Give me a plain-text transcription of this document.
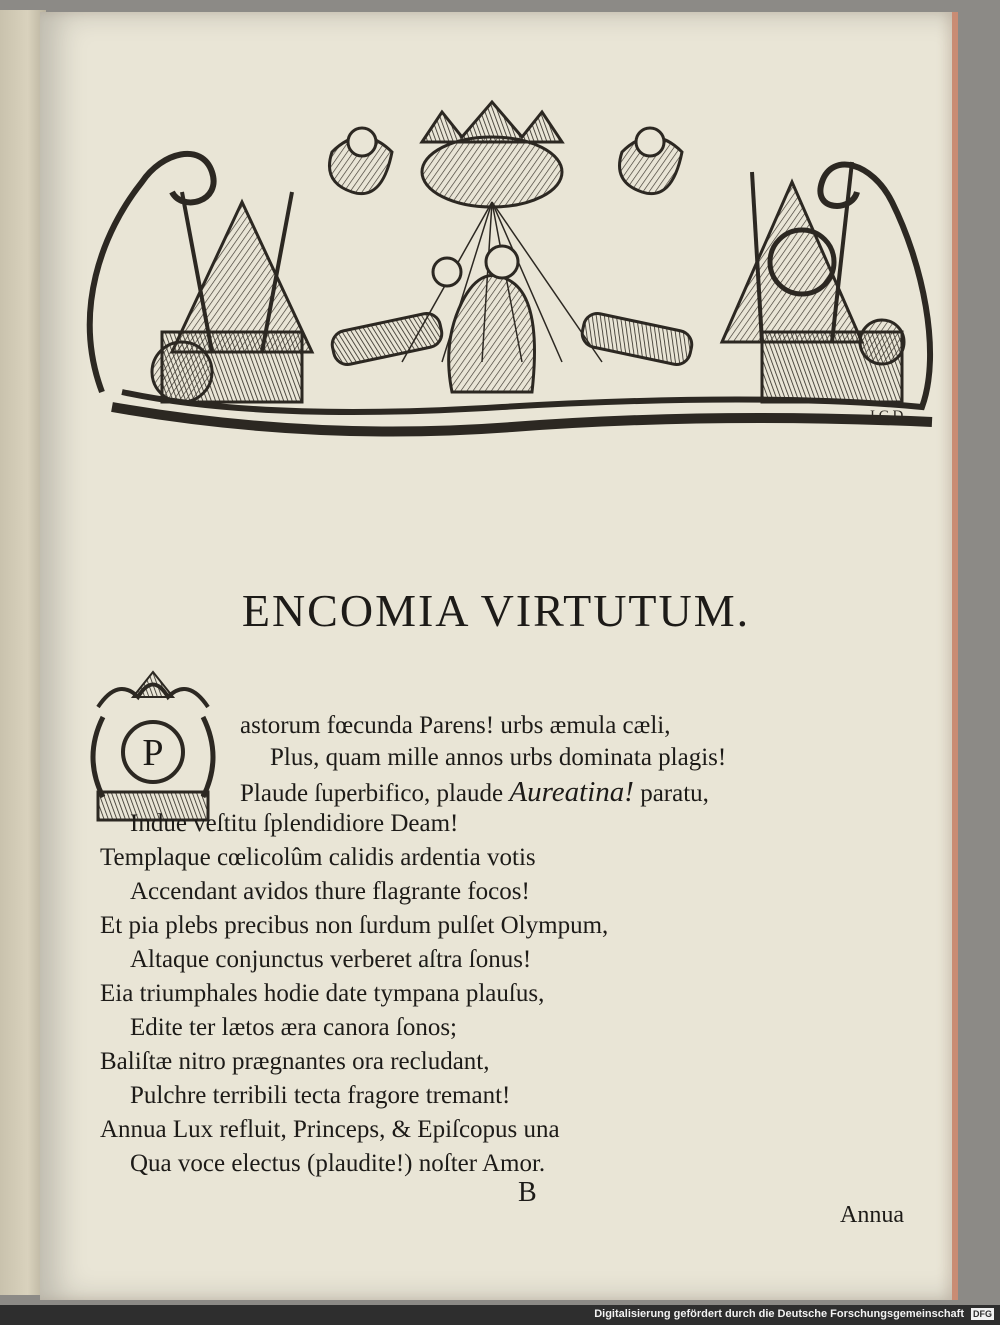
I.C.D
ENCOMIA VIRTUTUM.
P
astorum fœcunda Parens! urbs æmula cæli,
Plus, quam mille annos urbs dominata plagis!
Plaude ſuperbifico, plaude Aureatina! paratu,
Indue veſtitu ſplendidiore Deam!
Templaque cœlicolûm calidis ardentia votis
Accendant avidos thure flagrante focos!
Et pia plebs precibus non ſurdum pulſet Olympum,
Altaque conjunctus verberet aſtra ſonus!
Eia triumphales hodie date tympana plauſus,
Edite ter lætos æra canora ſonos;
Baliſtæ nitro prægnantes ora recludant,
Pulchre terribili tecta fragore tremant!
Annua Lux refluit, Princeps, & Epiſcopus una
Qua voce electus (plaudite!) noſter Amor.
B
Annua
Digitalisierung gefördert durch die Deutsche Forschungsgemeinschaft DFG
